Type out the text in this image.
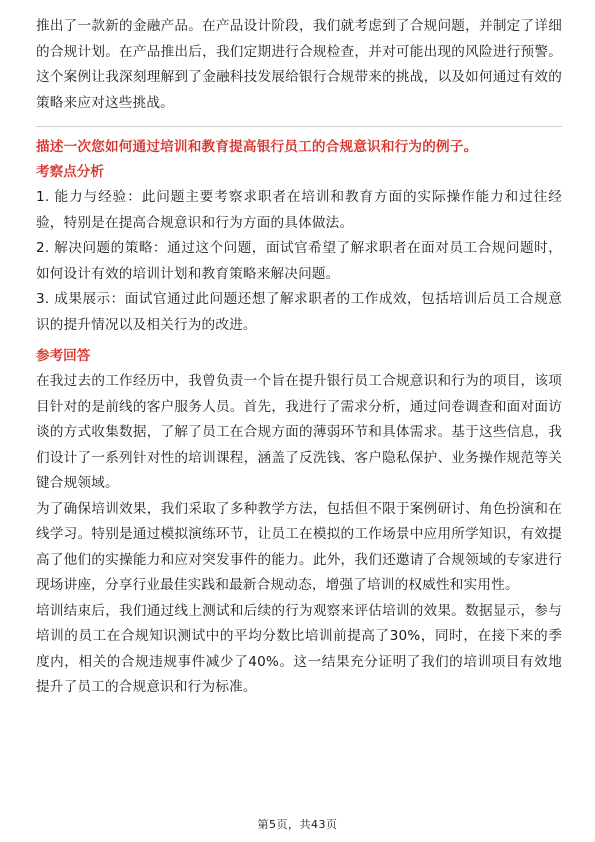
推出了一款新的金融产品。在产品设计阶段，我们就考虑到了合规问题，并制定了详细的合规计划。在产品推出后，我们定期进行合规检查，并对可能出现的风险进行预警。这个案例让我深刻理解到了金融科技发展给银行合规带来的挑战，以及如何通过有效的策略来应对这些挑战。

描述一次您如何通过培训和教育提高银行员工的合规意识和行为的例子。

考察点分析

1. 能力与经验：此问题主要考察求职者在培训和教育方面的实际操作能力和过往经验，特别是在提高合规意识和行为方面的具体做法。

2. 解决问题的策略：通过这个问题，面试官希望了解求职者在面对员工合规问题时，如何设计有效的培训计划和教育策略来解决问题。

3. 成果展示：面试官通过此问题还想了解求职者的工作成效，包括培训后员工合规意识的提升情况以及相关行为的改进。

参考回答

在我过去的工作经历中，我曾负责一个旨在提升银行员工合规意识和行为的项目，该项目针对的是前线的客户服务人员。首先，我进行了需求分析，通过问卷调查和面对面访谈的方式收集数据，了解了员工在合规方面的薄弱环节和具体需求。基于这些信息，我们设计了一系列针对性的培训课程，涵盖了反洗钱、客户隐私保护、业务操作规范等关键合规领域。

为了确保培训效果，我们采取了多种教学方法，包括但不限于案例研讨、角色扮演和在线学习。特别是通过模拟演练环节，让员工在模拟的工作场景中应用所学知识，有效提高了他们的实操能力和应对突发事件的能力。此外，我们还邀请了合规领域的专家进行现场讲座，分享行业最佳实践和最新合规动态，增强了培训的权威性和实用性。

培训结束后，我们通过线上测试和后续的行为观察来评估培训的效果。数据显示，参与培训的员工在合规知识测试中的平均分数比培训前提高了30%，同时，在接下来的季度内，相关的合规违规事件减少了40%。这一结果充分证明了我们的培训项目有效地提升了员工的合规意识和行为标准。

第5页，共43页
